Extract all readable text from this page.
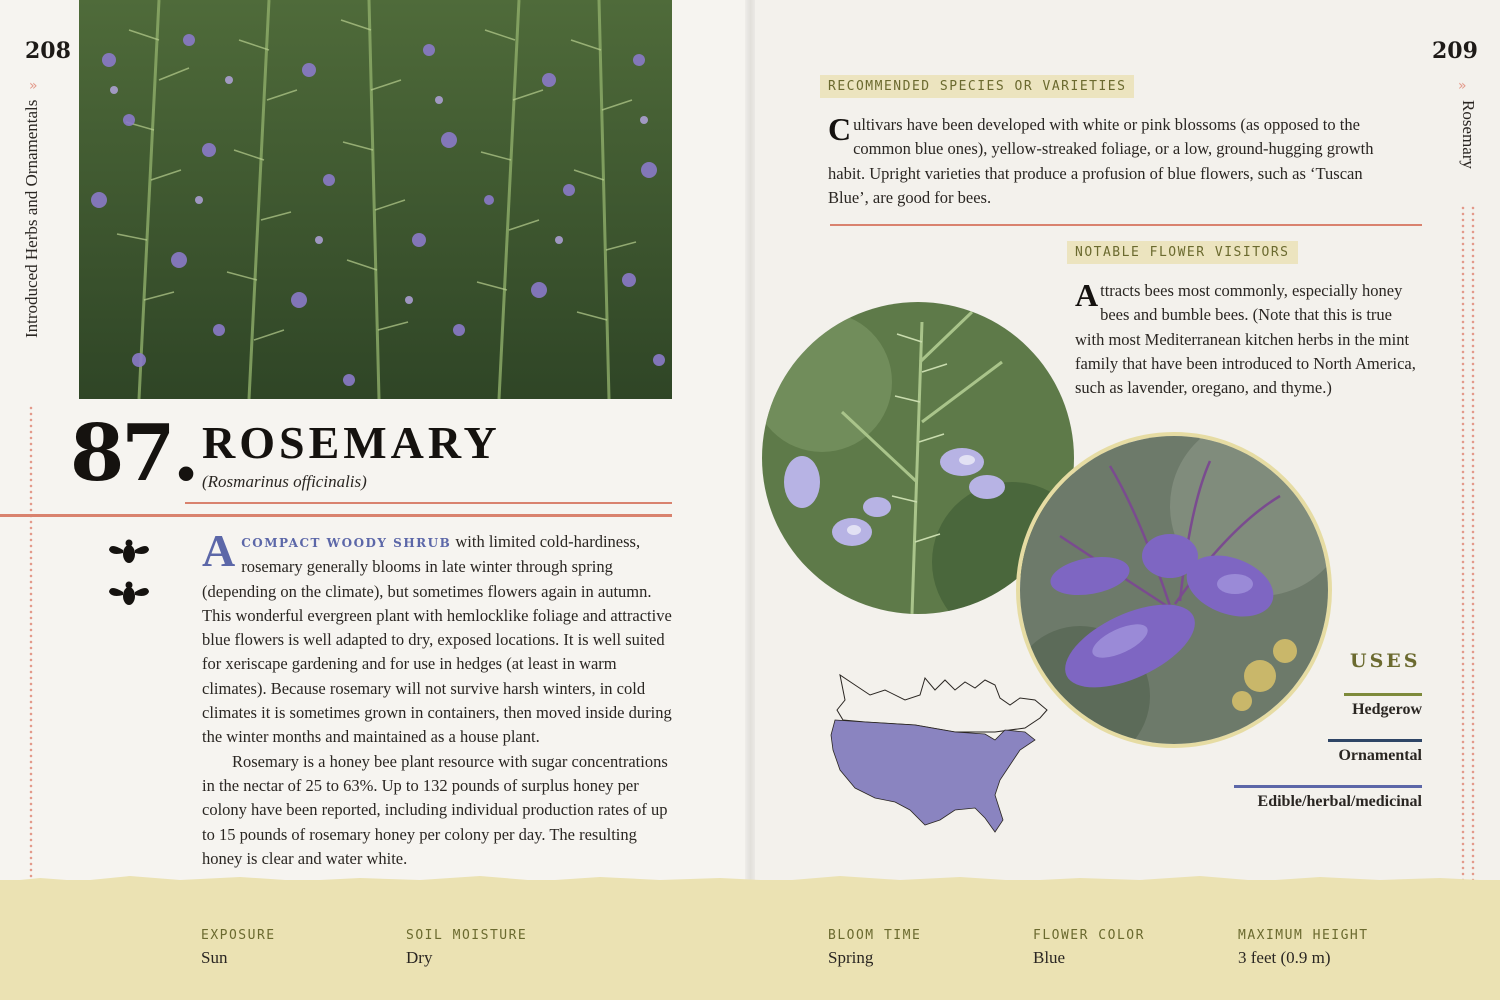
208
»
Introduced Herbs and Ornamentals
209
»
Rosemary
87. ROSEMARY
(Rosmarinus officinalis)

ACOMPACT WOODY SHRUB with limited cold-hardiness, rosemary generally blooms in late winter through spring (depending on the climate), but sometimes flowers again in autumn. This wonderful evergreen plant with hemlocklike foliage and attractive blue flowers is well adapted to dry, exposed locations. It is well suited for xeriscape gardening and for use in hedges (at least in warm climates). Because rosemary will not survive harsh winters, in cold climates it is sometimes grown in containers, then moved inside during the winter months and maintained as a house plant.

Rosemary is a honey bee plant resource with sugar concentrations in the nectar of 25 to 63%. Up to 132 pounds of surplus honey per colony have been reported, including individual production rates of up to 15 pounds of rosemary honey per colony per day. The resulting honey is clear and water white.

RECOMMENDED SPECIES OR VARIETIES
Cultivars have been developed with white or pink blossoms (as opposed to the common blue ones), yellow-streaked foliage, or a low, ground-hugging growth habit. Upright varieties that produce a profusion of blue flowers, such as ‘Tuscan Blue’, are good for bees.
NOTABLE FLOWER VISITORS
Attracts bees most commonly, especially honey bees and bumble bees. (Note that this is true with most Mediterranean kitchen herbs in the mint family that have been introduced to North America, such as lavender, oregano, and thyme.)
USES
Hedgerow
Ornamental
Edible/herbal/medicinal
EXPOSURE
Sun
SOIL MOISTURE
Dry
BLOOM TIME
Spring
FLOWER COLOR
Blue
MAXIMUM HEIGHT
3 feet (0.9 m)
